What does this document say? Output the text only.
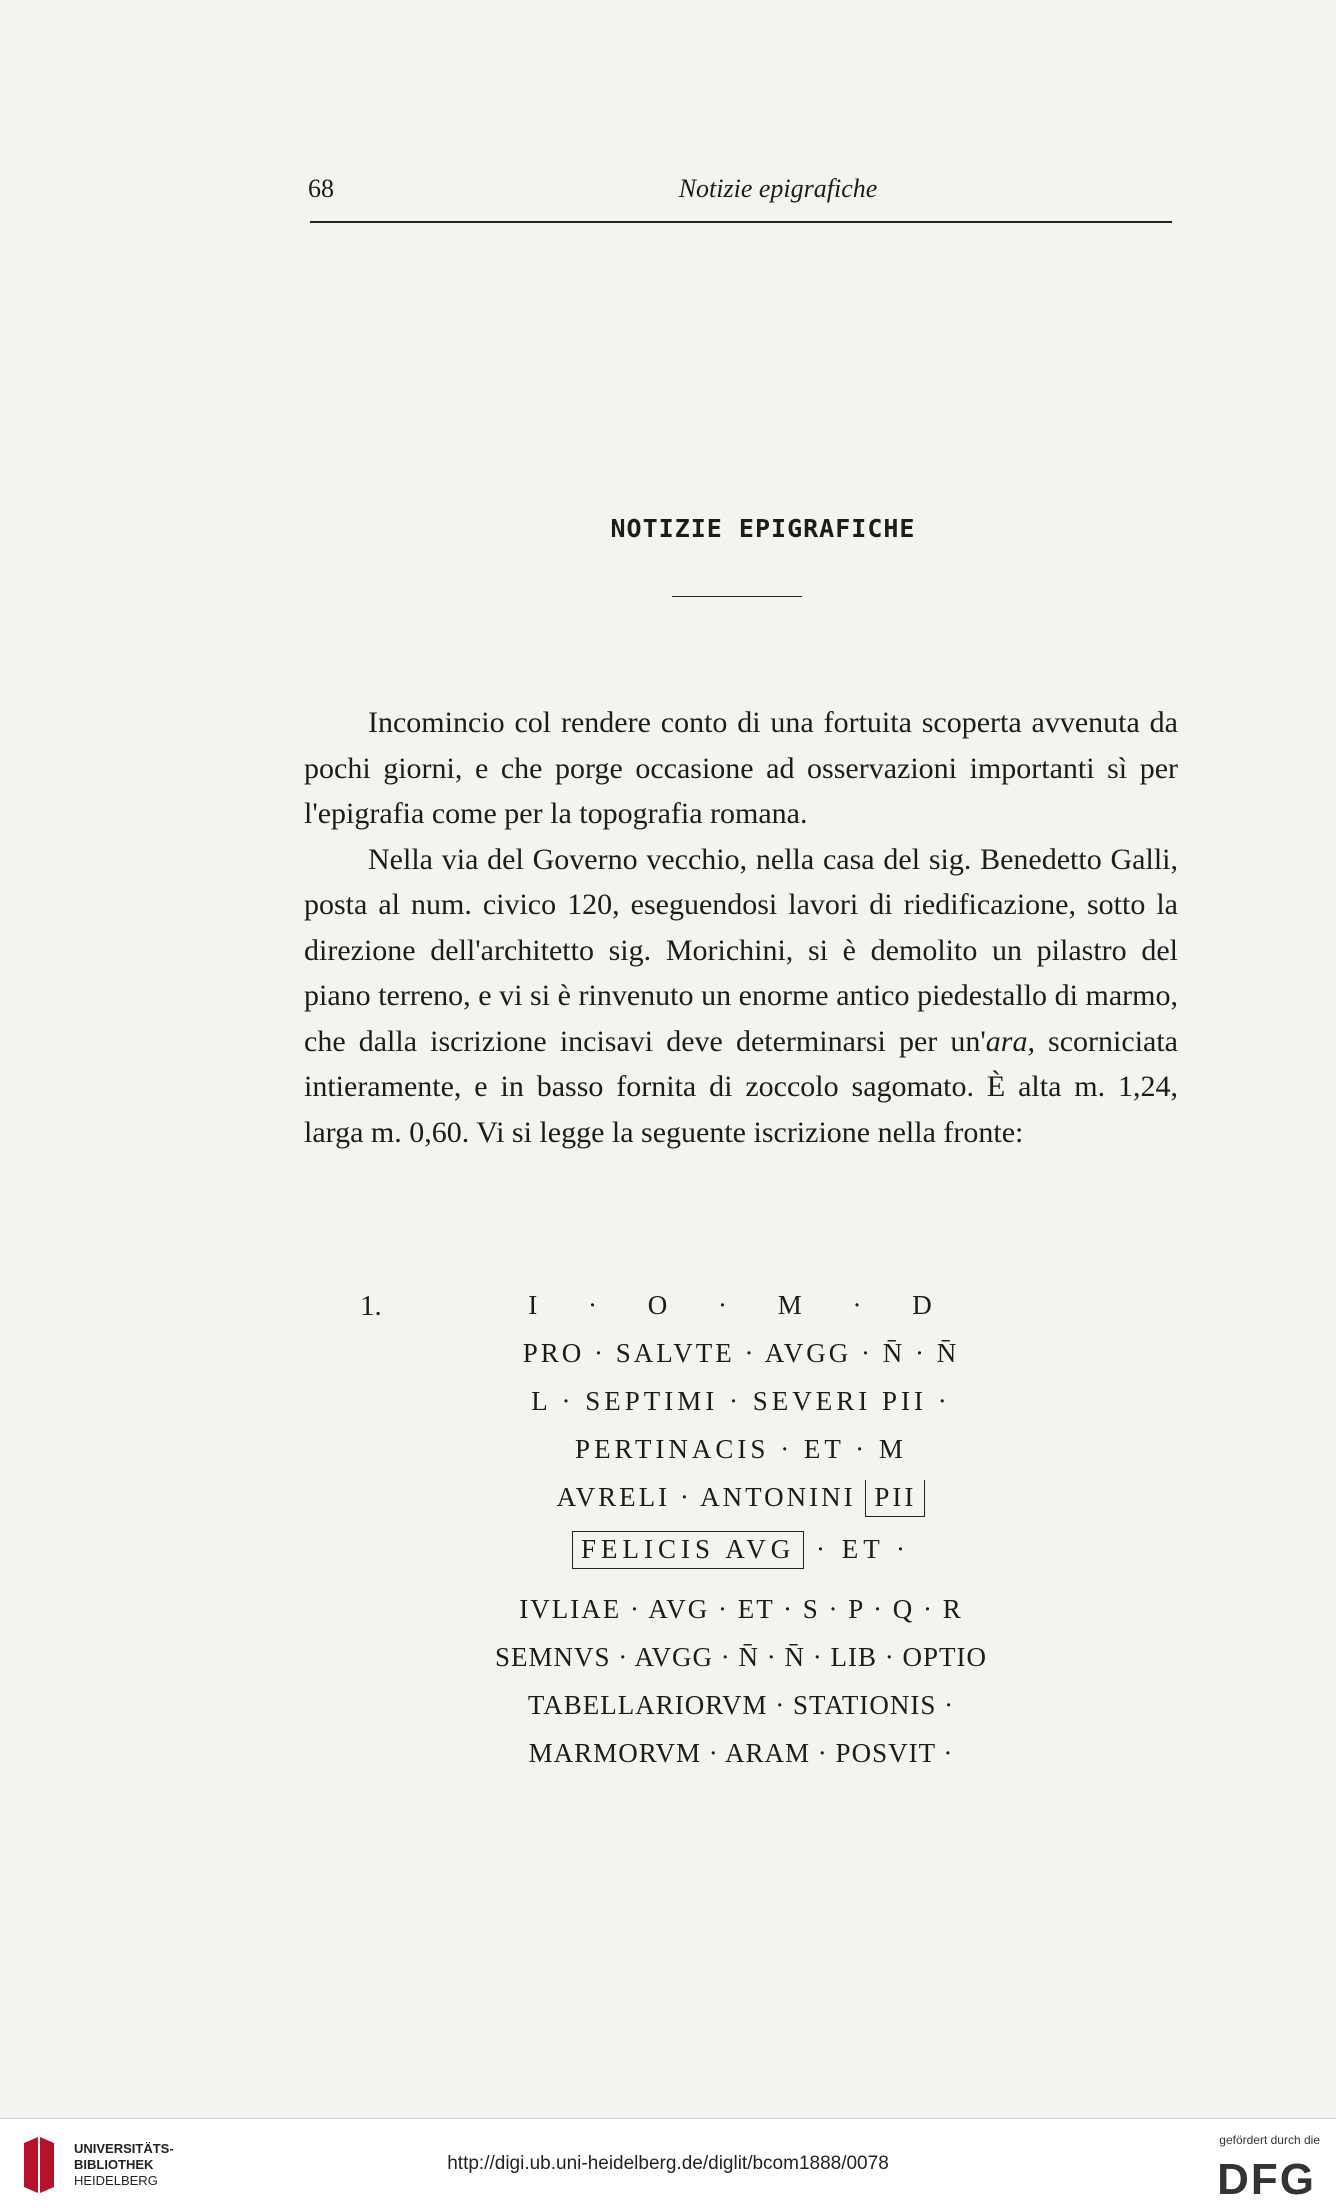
68	Notizie epigrafiche
NOTIZIE EPIGRAFICHE

Incomincio col rendere conto di una fortuita scoperta avvenuta da pochi giorni, e che porge occasione ad osservazioni importanti sì per l'epigrafia come per la topografia romana.

Nella via del Governo vecchio, nella casa del sig. Benedetto Galli, posta al num. civico 120, eseguendosi lavori di riedificazione, sotto la direzione dell'architetto sig. Morichini, si è demolito un pilastro del piano terreno, e vi si è rinvenuto un enorme antico piedestallo di marmo, che dalla iscrizione incisavi deve determinarsi per un'ara, scorniciata intieramente, e in basso fornita di zoccolo sagomato. È alta m. 1,24, larga m. 0,60. Vi si legge la seguente iscrizione nella fronte:

1.	I · O · M · D
PRO · SALVTE · AVGG · N̄ · N̄
L · SEPTIMI · SEVERI PII ·
PERTINACIS · ET · M
AVRELI · ANTONINI PII
FELICIS AVG · ET ·
IVLIAE · AVG · ET · S · P · Q · R
SEMNVS · AVGG · N̄ · N̄ · LIB · OPTIO
TABELLARIORVM · STATIONIS ·
MARMORVM · ARAM · POSVIT ·
UNIVERSITÄTS-
BIBLIOTHEK
HEIDELBERG
http://digi.ub.uni-heidelberg.de/diglit/bcom1888/0078
gefördert durch die
DFG
